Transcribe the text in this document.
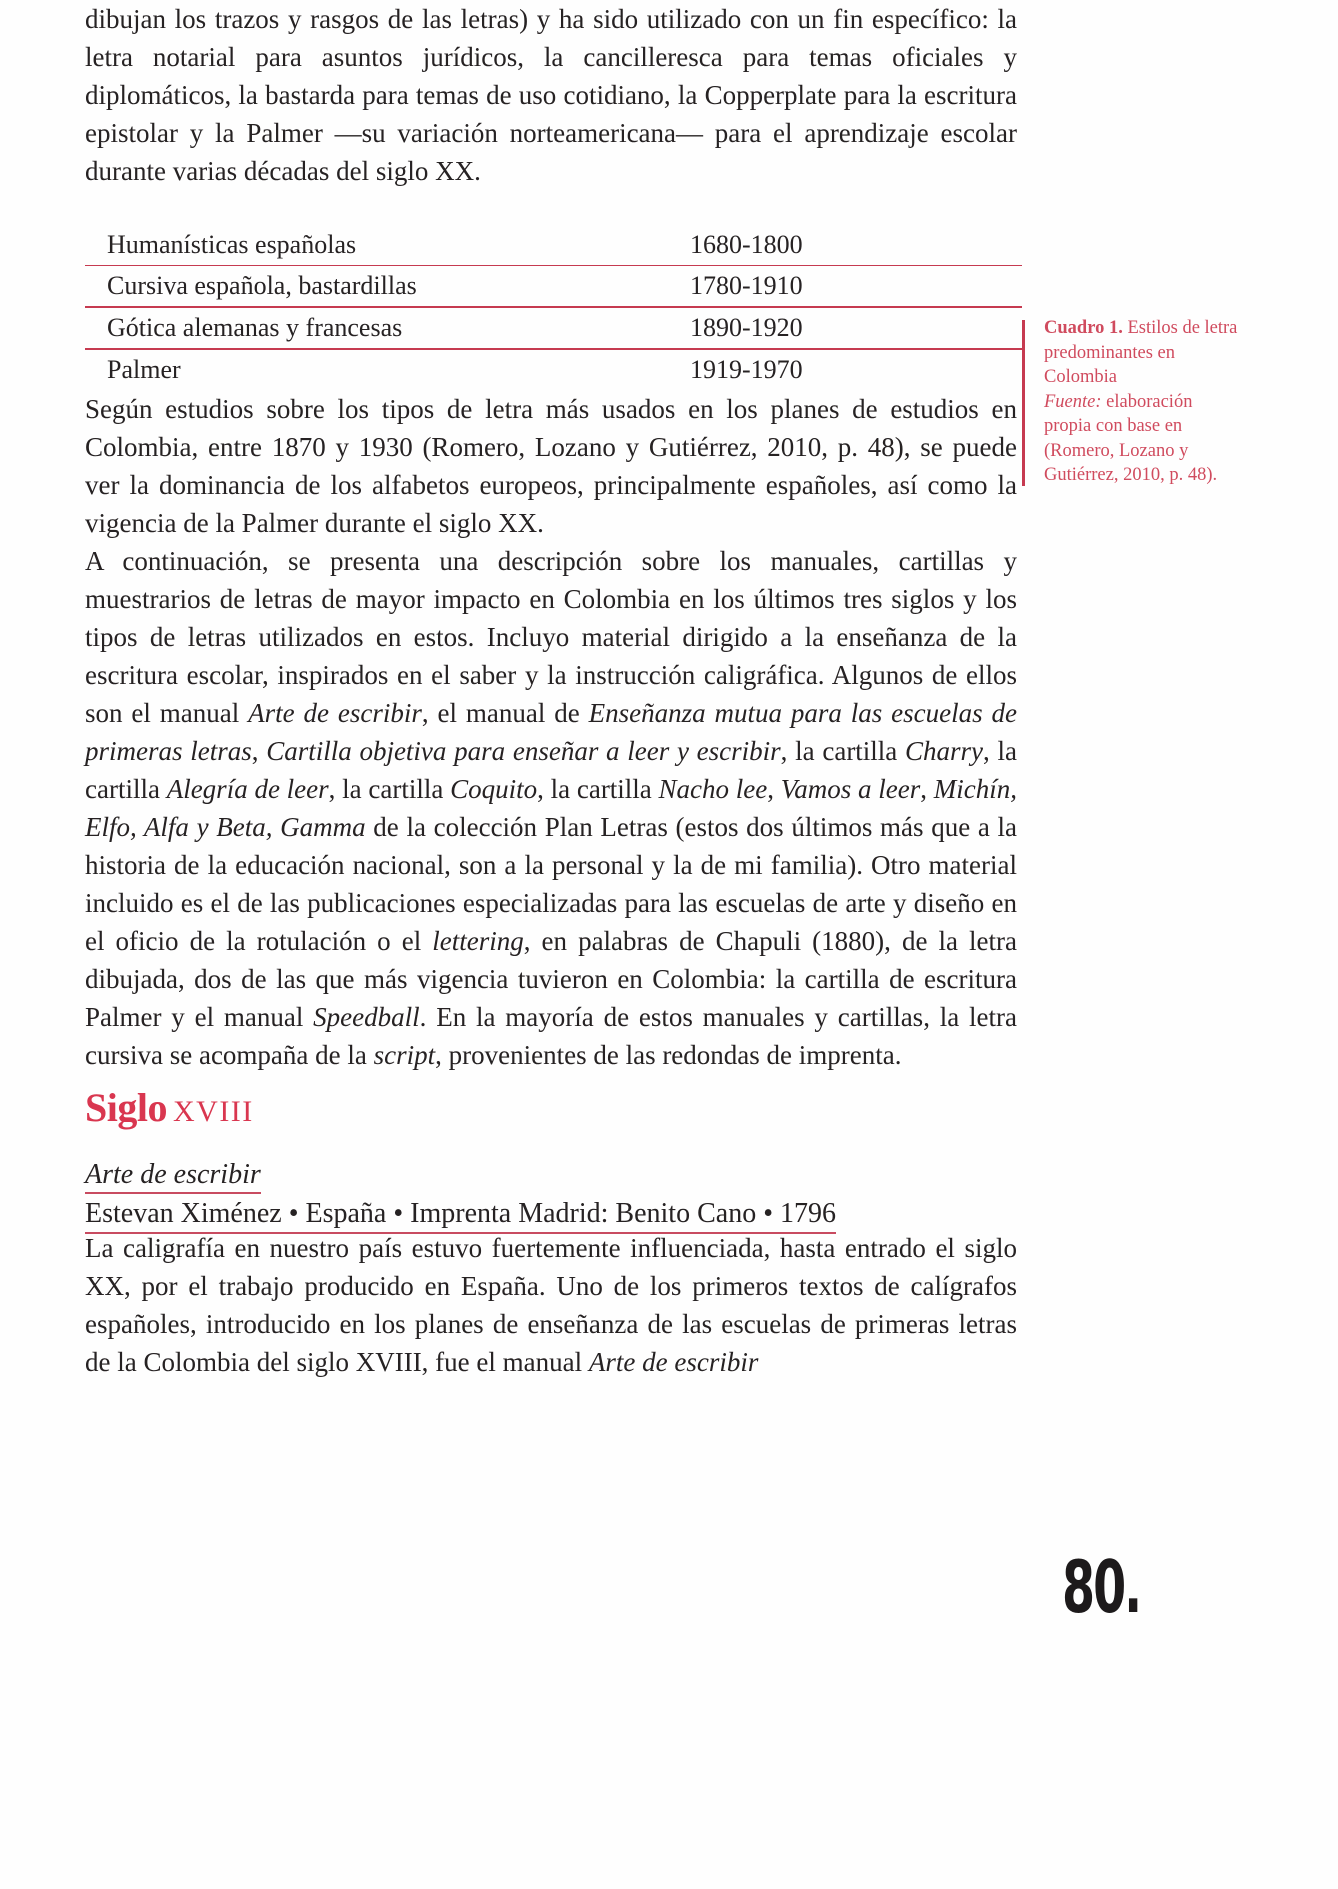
dibujan los trazos y rasgos de las letras) y ha sido utilizado con un fin específico: la letra notarial para asuntos jurídicos, la cancilleresca para temas oficiales y diplomáticos, la bastarda para temas de uso cotidiano, la Copperplate para la escritura epistolar y la Palmer —su variación norteamericana— para el aprendizaje escolar durante varias décadas del siglo XX.

Humanísticas españolas	1680-1800
Cursiva española, bastardillas	1780-1910
Gótica alemanas y francesas	1890-1920
Palmer	1919-1970

Según estudios sobre los tipos de letra más usados en los planes de estudios en Colombia, entre 1870 y 1930 (Romero, Lozano y Gutiérrez, 2010, p. 48), se puede ver la dominancia de los alfabetos europeos, principalmente españoles, así como la vigencia de la Palmer durante el siglo XX.

A continuación, se presenta una descripción sobre los manuales, cartillas y muestrarios de letras de mayor impacto en Colombia en los últimos tres siglos y los tipos de letras utilizados en estos. Incluyo material dirigido a la enseñanza de la escritura escolar, inspirados en el saber y la instrucción caligráfica. Algunos de ellos son el manual Arte de escribir, el manual de Enseñanza mutua para las escuelas de primeras letras, Cartilla objetiva para enseñar a leer y escribir, la cartilla Charry, la cartilla Alegría de leer, la cartilla Coquito, la cartilla Nacho lee, Vamos a leer, Michín, Elfo, Alfa y Beta, Gamma de la colección Plan Letras (estos dos últimos más que a la historia de la educación nacional, son a la personal y la de mi familia). Otro material incluido es el de las publicaciones especializadas para las escuelas de arte y diseño en el oficio de la rotulación o el lettering, en palabras de Chapuli (1880), de la letra dibujada, dos de las que más vigencia tuvieron en Colombia: la cartilla de escritura Palmer y el manual Speedball. En la mayoría de estos manuales y cartillas, la letra cursiva se acompaña de la script, provenientes de las redondas de imprenta.

Siglo XVIII
Arte de escribir
Estevan Ximénez • España • Imprenta Madrid: Benito Cano • 1796

La caligrafía en nuestro país estuvo fuertemente influenciada, hasta entrado el siglo XX, por el trabajo producido en España. Uno de los primeros textos de calígrafos españoles, introducido en los planes de enseñanza de las escuelas de primeras letras de la Colombia del siglo XVIII, fue el manual Arte de escribir

Cuadro 1. Estilos de letra predominantes en Colombia
Fuente: elaboración propia con base en (Romero, Lozano y Gutiérrez, 2010, p. 48).
80.
